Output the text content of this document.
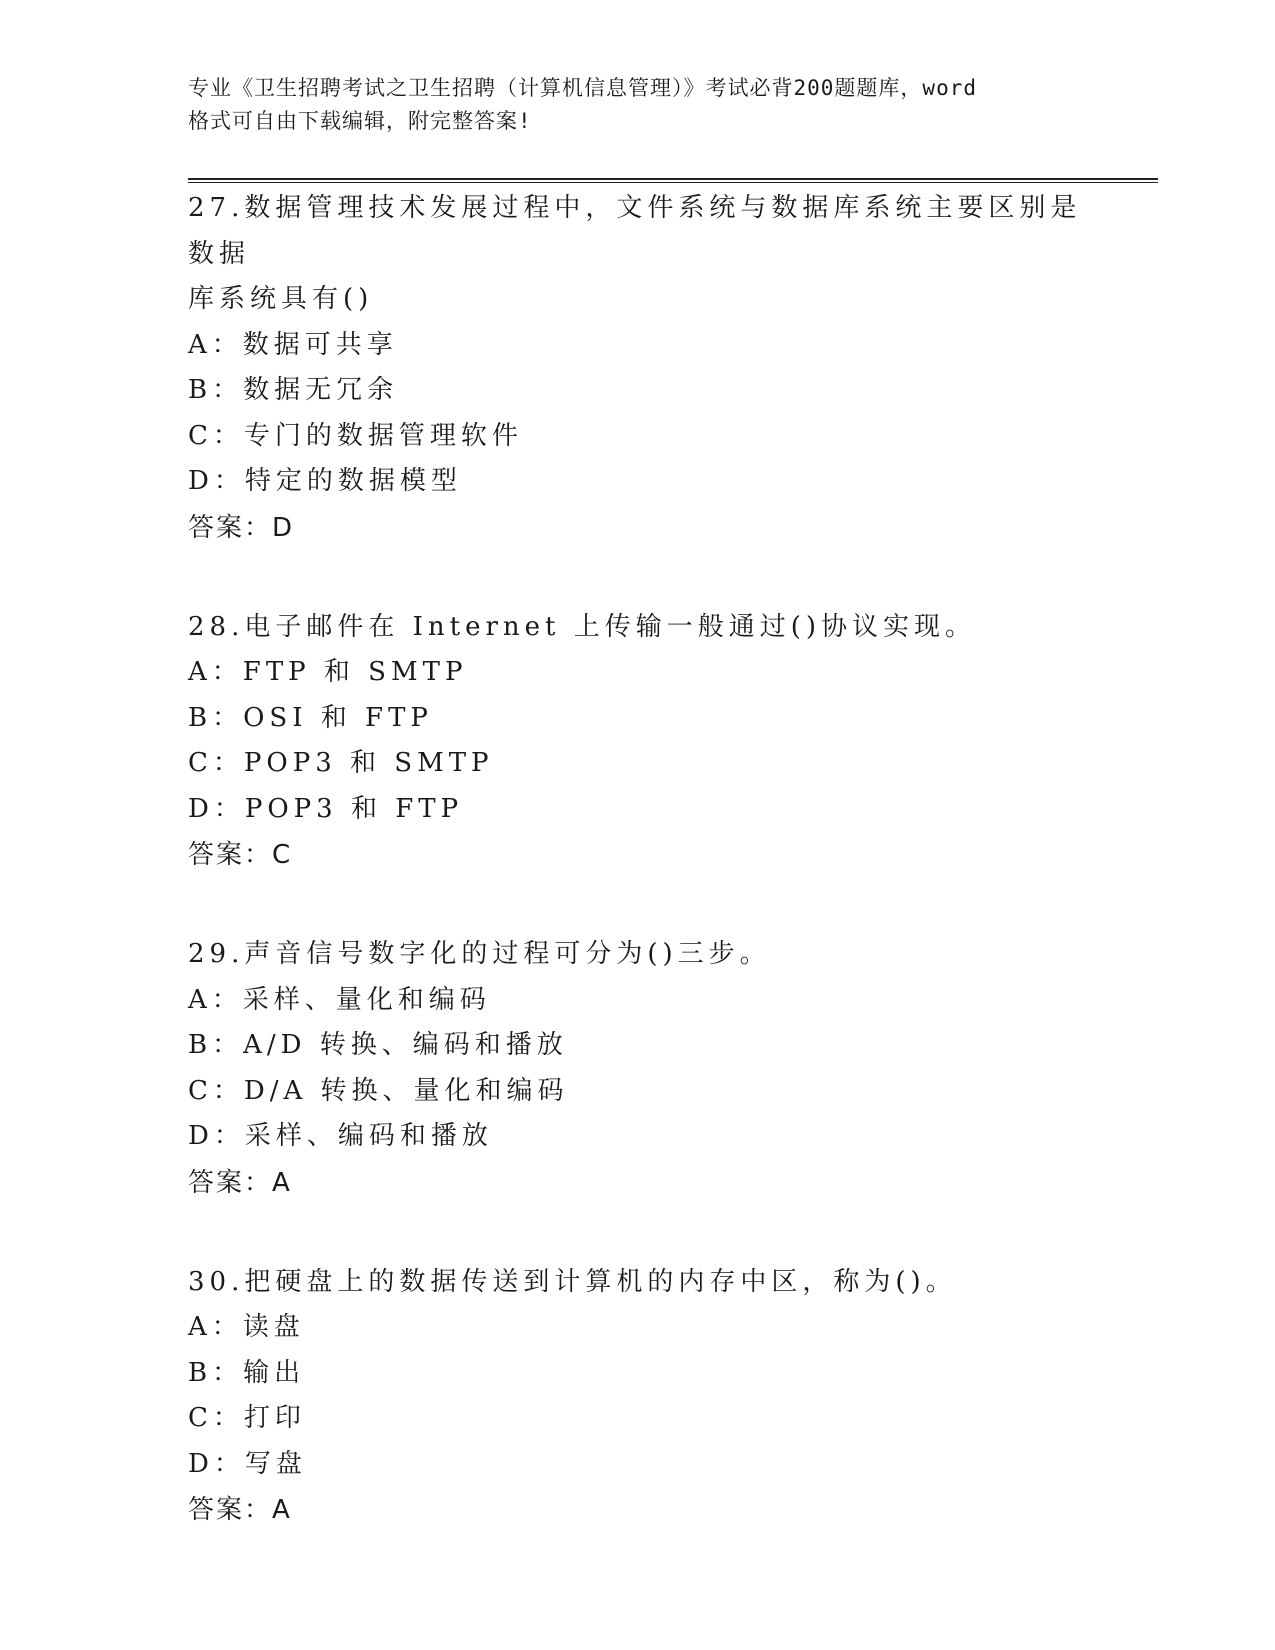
专业《卫生招聘考试之卫生招聘（计算机信息管理）》考试必背200题题库，word
格式可自由下载编辑，附完整答案!

27.数据管理技术发展过程中，文件系统与数据库系统主要区别是数据

库系统具有()

A：数据可共享

B：数据无冗余

C：专门的数据管理软件

D：特定的数据模型

答案：D

28.电子邮件在 Internet 上传输一般通过()协议实现。

A：FTP 和 SMTP

B：OSI 和 FTP

C：POP3 和 SMTP

D：POP3 和 FTP

答案：C

29.声音信号数字化的过程可分为()三步。

A：采样、量化和编码

B：A/D 转换、编码和播放

C：D/A 转换、量化和编码

D：采样、编码和播放

答案：A

30.把硬盘上的数据传送到计算机的内存中区，称为()。

A：读盘

B：输出

C：打印

D：写盘

答案：A
